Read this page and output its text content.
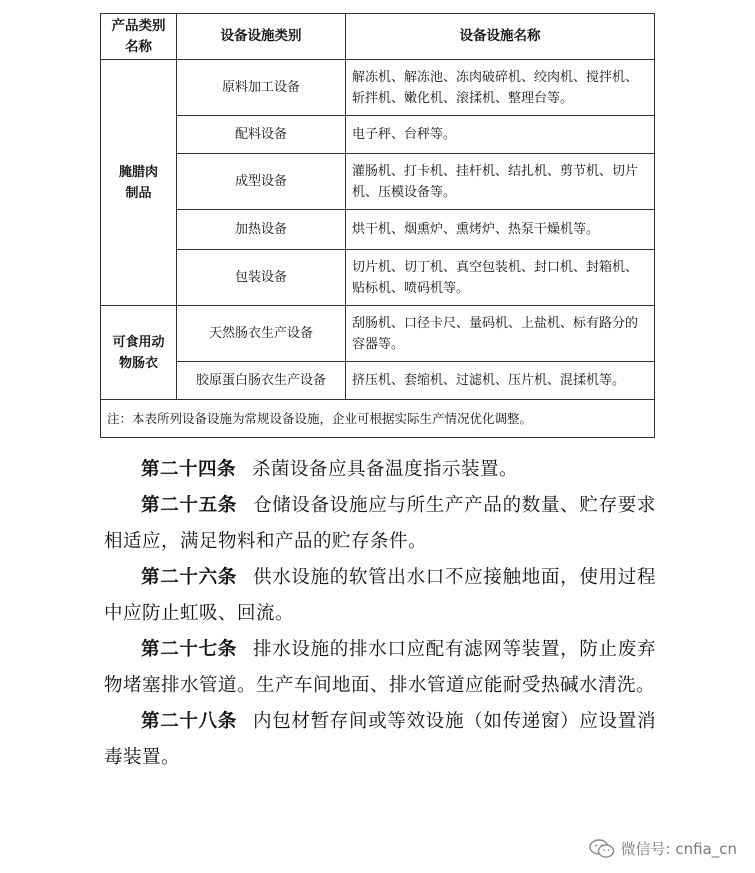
产品类别名称	设备设施类别	设备设施名称
腌腊肉制品	原料加工设备	解冻机、解冻池、冻肉破碎机、绞肉机、搅拌机、斩拌机、嫩化机、滚揉机、整理台等。
	配料设备	电子秤、台秤等。
	成型设备	灌肠机、打卡机、挂杆机、结扎机、剪节机、切片机、压模设备等。
	加热设备	烘干机、烟熏炉、熏烤炉、热泵干燥机等。
	包装设备	切片机、切丁机、真空包装机、封口机、封箱机、贴标机、喷码机等。
可食用动物肠衣	天然肠衣生产设备	刮肠机、口径卡尺、量码机、上盐机、标有路分的容器等。
	胶原蛋白肠衣生产设备	挤压机、套缩机、过滤机、压片机、混揉机等。
注：本表所列设备设施为常规设备设施，企业可根据实际生产情况优化调整。		

第二十四条 杀菌设备应具备温度指示装置。

第二十五条 仓储设备设施应与所生产产品的数量、贮存要求相适应，满足物料和产品的贮存条件。

第二十六条 供水设施的软管出水口不应接触地面，使用过程中应防止虹吸、回流。

第二十七条 排水设施的排水口应配有滤网等装置，防止废弃物堵塞排水管道。生产车间地面、排水管道应能耐受热碱水清洗。

第二十八条 内包材暂存间或等效设施（如传递窗）应设置消毒装置。

微信号: cnfia_cn
